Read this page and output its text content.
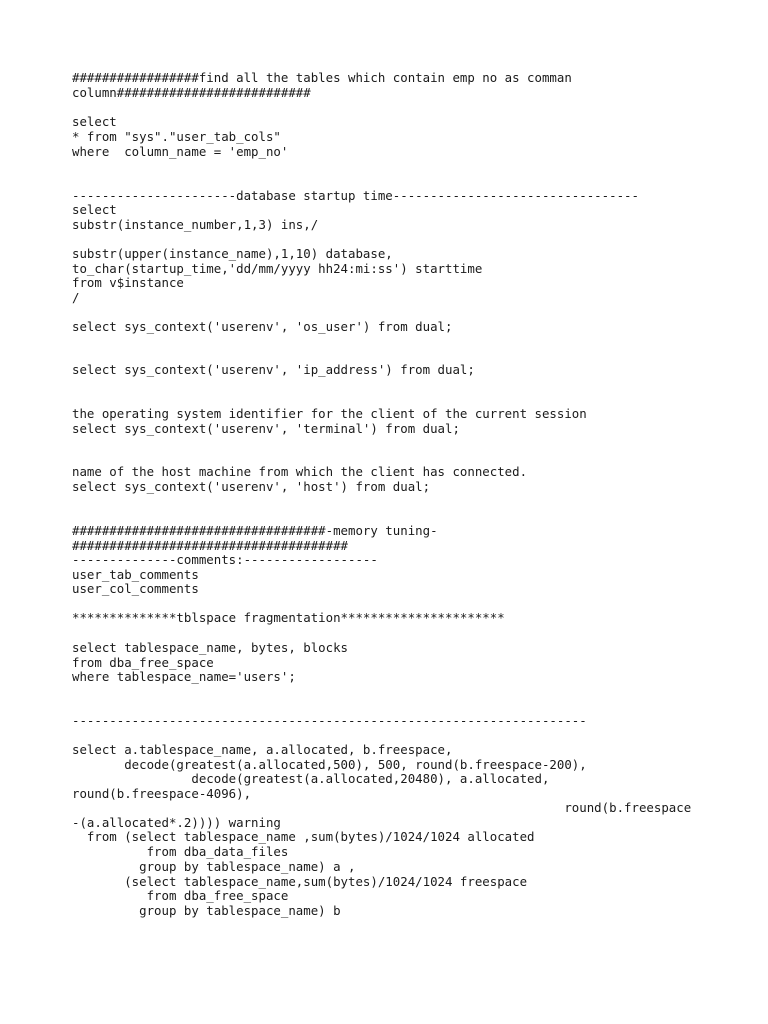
#################find all the tables which contain emp no as comman

column##########################

select

* from "sys"."user_tab_cols"

where  column_name = 'emp_no'

----------------------database startup time---------------------------------

select

substr(instance_number,1,3) ins,/

substr(upper(instance_name),1,10) database,

to_char(startup_time,'dd/mm/yyyy hh24:mi:ss') starttime

from v$instance

/

select sys_context('userenv', 'os_user') from dual;

select sys_context('userenv', 'ip_address') from dual;

the operating system identifier for the client of the current session

select sys_context('userenv', 'terminal') from dual;

name of the host machine from which the client has connected.

select sys_context('userenv', 'host') from dual;

##################################-memory tuning-

#####################################

--------------comments:------------------

user_tab_comments

user_col_comments

**************tblspace fragmentation**********************

select tablespace_name, bytes, blocks

from dba_free_space

where tablespace_name='users';

---------------------------------------------------------------------

select a.tablespace_name, a.allocated, b.freespace,

decode(greatest(a.allocated,500), 500, round(b.freespace-200),

decode(greatest(a.allocated,20480), a.allocated,

round(b.freespace-4096),

round(b.freespace

-(a.allocated*.2)))) warning

from (select tablespace_name ,sum(bytes)/1024/1024 allocated

from dba_data_files

group by tablespace_name) a ,

(select tablespace_name,sum(bytes)/1024/1024 freespace

from dba_free_space

group by tablespace_name) b
